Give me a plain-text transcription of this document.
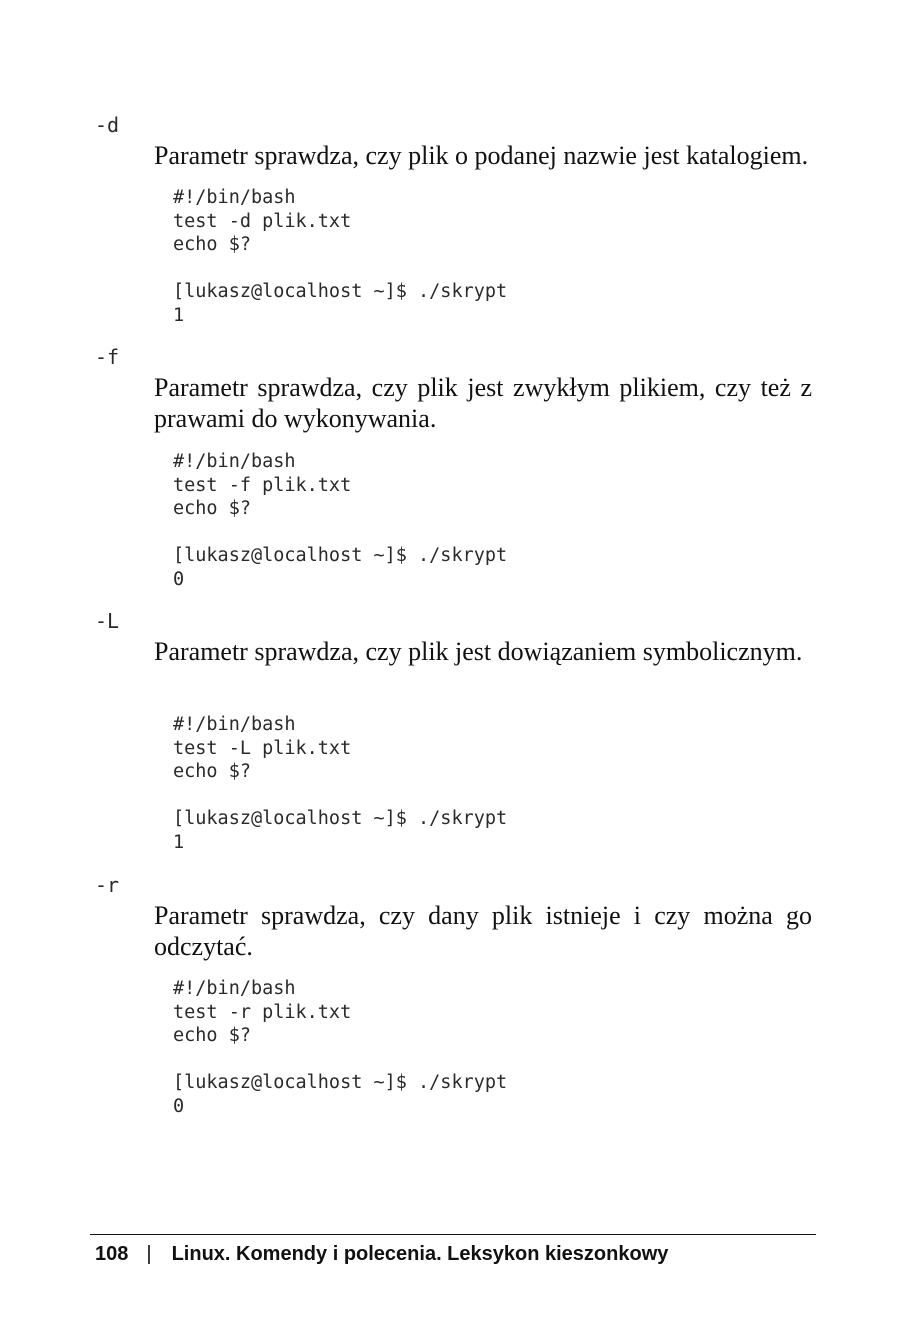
-d

Parametr sprawdza, czy plik o podanej nazwie jest katalogiem.

#!/bin/bash
test -d plik.txt
echo $?
[lukasz@localhost ~]$ ./skrypt
1
-f

Parametr sprawdza, czy plik jest zwykłym plikiem, czy też z prawami do wykonywania.

#!/bin/bash
test -f plik.txt
echo $?
[lukasz@localhost ~]$ ./skrypt
0
-L

Parametr sprawdza, czy plik jest dowiązaniem symbolicznym.

#!/bin/bash
test -L plik.txt
echo $?
[lukasz@localhost ~]$ ./skrypt
1
-r

Parametr sprawdza, czy dany plik istnieje i czy można go odczytać.

#!/bin/bash
test -r plik.txt
echo $?
[lukasz@localhost ~]$ ./skrypt
0
108 | Linux. Komendy i polecenia. Leksykon kieszonkowy
